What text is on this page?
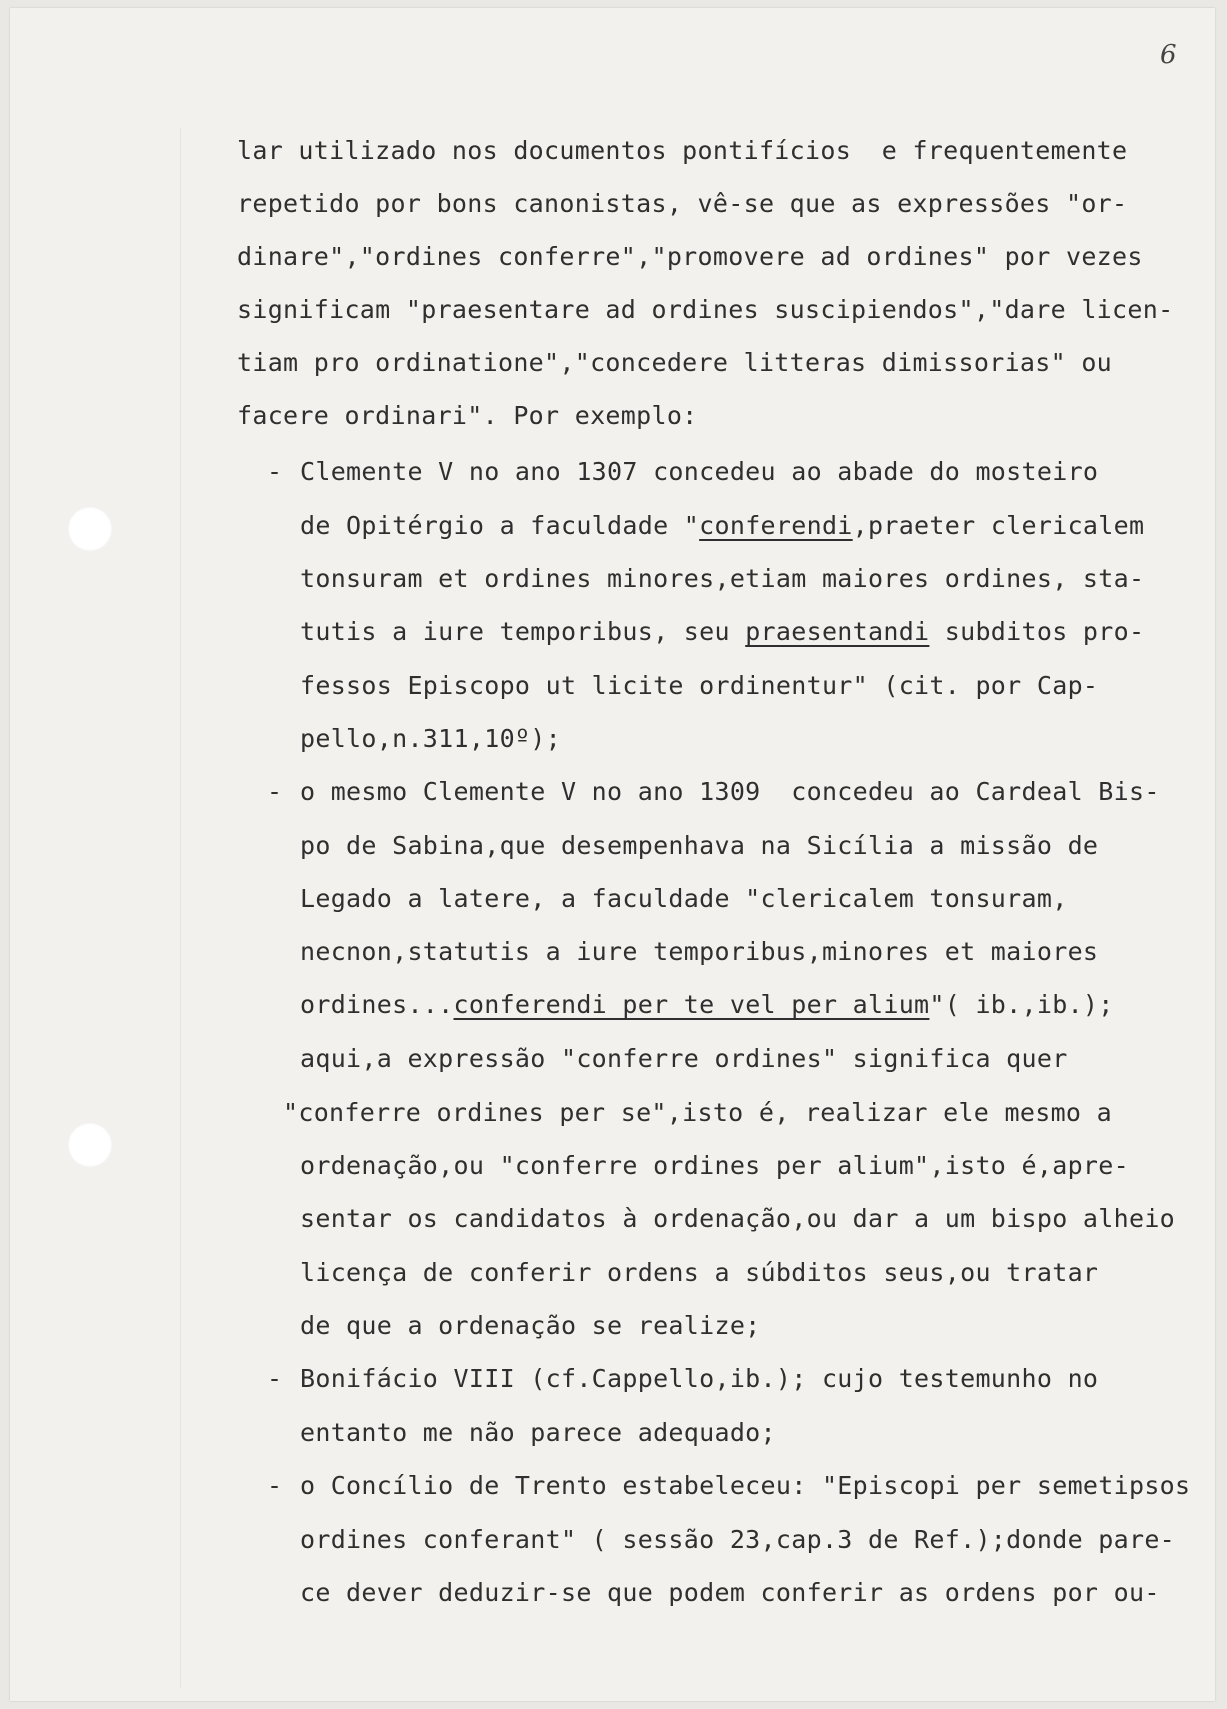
6
lar utilizado nos documentos pontifícios  e frequentemente
repetido por bons canonistas, vê-se que as expressões "or-
dinare","ordines conferre","promovere ad ordines" por vezes
significam "praesentare ad ordines suscipiendos","dare licen-
tiam pro ordinatione","concedere litteras dimissorias" ou
facere ordinari". Por exemplo:
- Clemente V no ano 1307 concedeu ao abade do mosteiro
de Opitérgio a faculdade "conferendi,praeter clericalem
tonsuram et ordines minores,etiam maiores ordines, sta-
tutis a iure temporibus, seu praesentandi subditos pro-
fessos Episcopo ut licite ordinentur" (cit. por Cap-
pello,n.311,10º);
- o mesmo Clemente V no ano 1309  concedeu ao Cardeal Bis-
po de Sabina,que desempenhava na Sicília a missão de
Legado a latere, a faculdade "clericalem tonsuram,
necnon,statutis a iure temporibus,minores et maiores
ordines...conferendi per te vel per alium"( ib.,ib.);
aqui,a expressão "conferre ordines" significa quer
"conferre ordines per se",isto é, realizar ele mesmo a
ordenação,ou "conferre ordines per alium",isto é,apre-
sentar os candidatos à ordenação,ou dar a um bispo alheio
licença de conferir ordens a súbditos seus,ou tratar
de que a ordenação se realize;
- Bonifácio VIII (cf.Cappello,ib.); cujo testemunho no
entanto me não parece adequado;
- o Concílio de Trento estabeleceu: "Episcopi per semetipsos
ordines conferant" ( sessão 23,cap.3 de Ref.);donde pare-
ce dever deduzir-se que podem conferir as ordens por ou-
